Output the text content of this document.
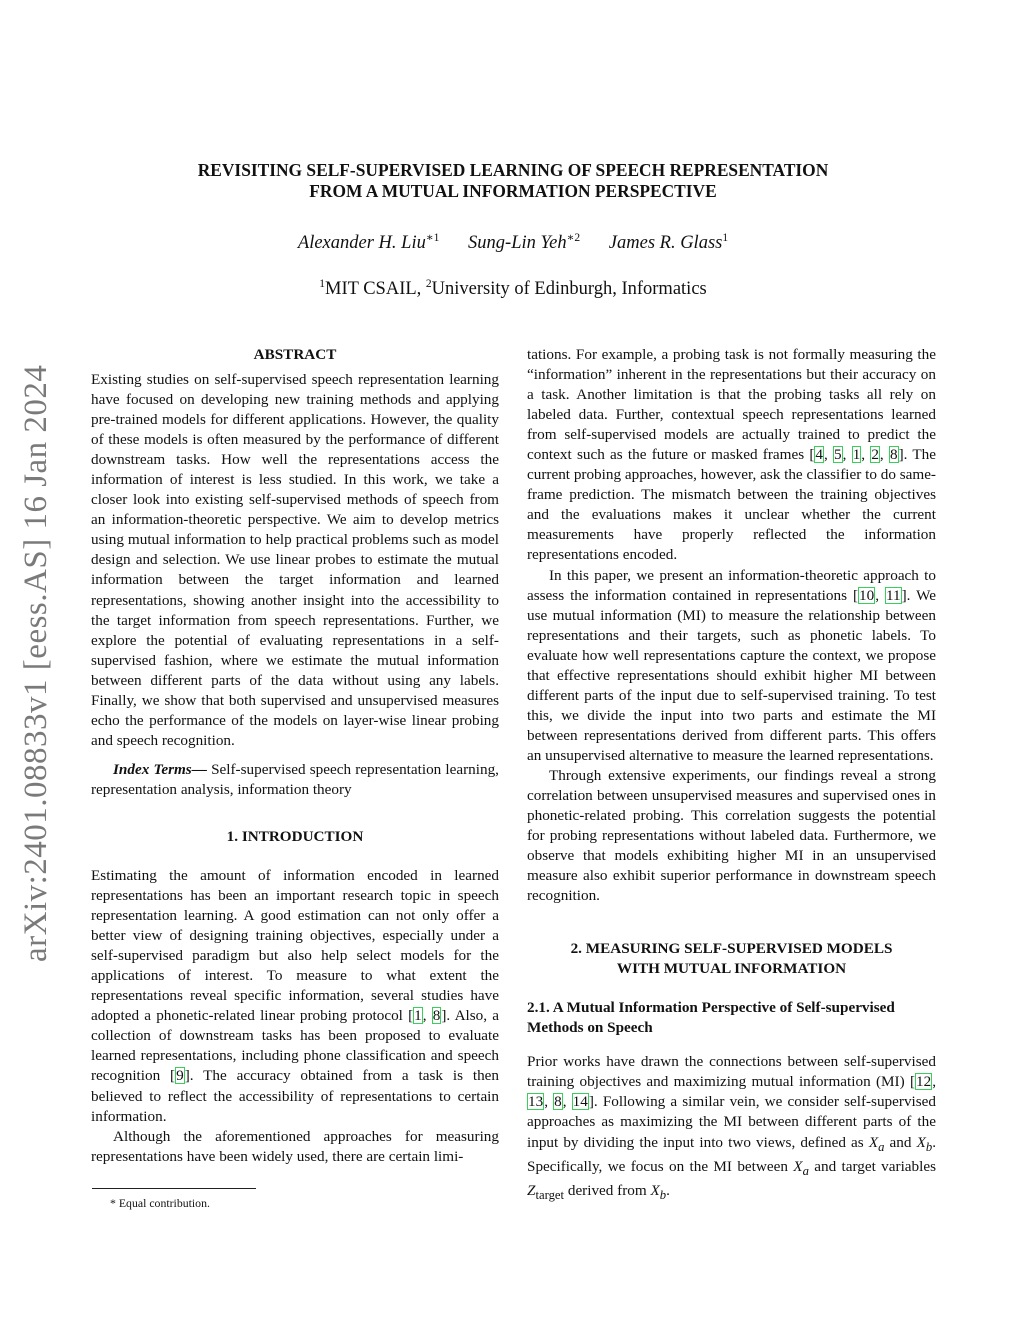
arXiv:2401.08833v1 [eess.AS] 16 Jan 2024
REVISITING SELF-SUPERVISED LEARNING OF SPEECH REPRESENTATION
FROM A MUTUAL INFORMATION PERSPECTIVE
Alexander H. Liu$^{∗1}$ Sung-Lin Yeh$^{∗2}$ James R. Glass$^1$
$^1$MIT CSAIL, $^2$University of Edinburgh, Informatics
ABSTRACT

Existing studies on self-supervised speech representation learning have focused on developing new training methods and applying pre-trained models for different applications. However, the quality of these models is often measured by the performance of different downstream tasks. How well the representations access the information of interest is less studied. In this work, we take a closer look into existing self-supervised methods of speech from an information-theoretic perspective. We aim to develop metrics using mutual information to help practical problems such as model design and selection. We use linear probes to estimate the mutual information between the target information and learned representations, showing another insight into the accessibility to the target information from speech representations. Further, we explore the potential of evaluating representations in a self-supervised fashion, where we estimate the mutual information between different parts of the data without using any labels. Finally, we show that both supervised and unsupervised measures echo the performance of the models on layer-wise linear probing and speech recognition.

Index Terms— Self-supervised speech representation learning, representation analysis, information theory

1. INTRODUCTION

Estimating the amount of information encoded in learned representations has been an important research topic in speech representation learning. A good estimation can not only offer a better view of designing training objectives, especially under a self-supervised paradigm but also help select models for the applications of interest. To measure to what extent the representations reveal specific information, several studies have adopted a phonetic-related linear probing protocol [1, 8]. Also, a collection of downstream tasks has been proposed to evaluate learned representations, including phone classification and speech recognition [9]. The accuracy obtained from a task is then believed to reflect the accessibility of representations to certain information.

Although the aforementioned approaches for measuring representations have been widely used, there are certain limi-

* Equal contribution.

tations. For example, a probing task is not formally measuring the “information” inherent in the representations but their accuracy on a task. Another limitation is that the probing tasks all rely on labeled data. Further, contextual speech representations learned from self-supervised models are actually trained to predict the context such as the future or masked frames [4, 5, 1, 2, 8]. The current probing approaches, however, ask the classifier to do same-frame prediction. The mismatch between the training objectives and the evaluations makes it unclear whether the current measurements have properly reflected the information representations encoded.

In this paper, we present an information-theoretic approach to assess the information contained in representations [10, 11]. We use mutual information (MI) to measure the relationship between representations and their targets, such as phonetic labels. To evaluate how well representations capture the context, we propose that effective representations should exhibit higher MI between different parts of the input due to self-supervised training. To test this, we divide the input into two parts and estimate the MI between representations derived from different parts. This offers an unsupervised alternative to measure the learned representations.

Through extensive experiments, our findings reveal a strong correlation between unsupervised measures and supervised ones in phonetic-related probing. This correlation suggests the potential for probing representations without labeled data. Furthermore, we observe that models exhibiting higher MI in an unsupervised measure also exhibit superior performance in downstream speech recognition.

2. MEASURING SELF-SUPERVISED MODELS
WITH MUTUAL INFORMATION
2.1. A Mutual Information Perspective of Self-supervised Methods on Speech

Prior works have drawn the connections between self-supervised training objectives and maximizing mutual information (MI) [12, 13, 8, 14]. Following a similar vein, we consider self-supervised approaches as maximizing the MI between different parts of the input by dividing the input into two views, defined as $X_a$ and $X_b$. Specifically, we focus on the MI between $X_a$ and target variables $Z_{target}$ derived from $X_b$.
